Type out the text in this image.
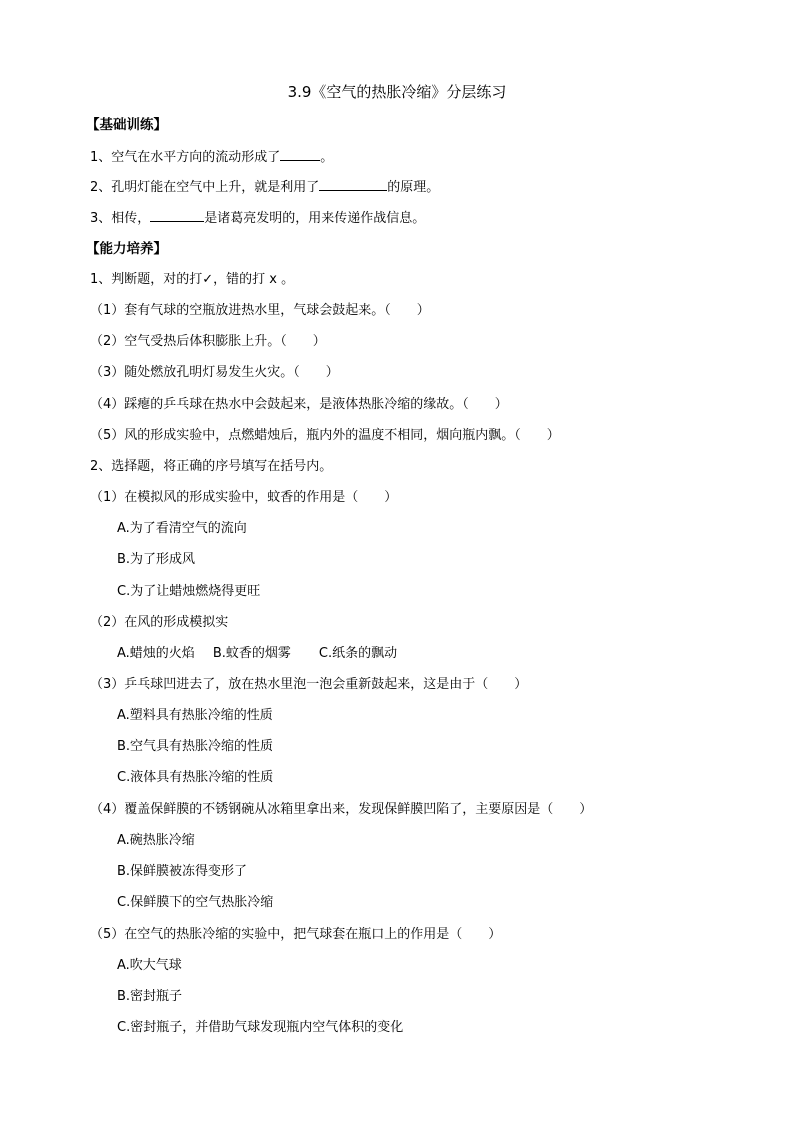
3.9《空气的热胀冷缩》分层练习
【基础训练】
1、空气在水平方向的流动形成了	。
2、孔明灯能在空气中上升，就是利用了	的原理。
3、相传，	是诸葛亮发明的，用来传递作战信息。
【能力培养】
1、判断题，对的打✓，错的打 x 。
（1）套有气球的空瓶放进热水里，气球会鼓起来。（　　）
（2）空气受热后体积膨胀上升。（　　）
（3）随处燃放孔明灯易发生火灾。（　　）
（4）踩瘪的乒乓球在热水中会鼓起来，是液体热胀冷缩的缘故。（　　）
（5）风的形成实验中，点燃蜡烛后，瓶内外的温度不相同，烟向瓶内飘。（　　）
2、选择题，将正确的序号填写在括号内。
（1）在模拟风的形成实验中，蚊香的作用是（　　）
A.为了看清空气的流向
B.为了形成风
C.为了让蜡烛燃烧得更旺
（2）在风的形成模拟实
A.蜡烛的火焰 B.蚊香的烟雾 C.纸条的飘动
（3）乒乓球凹进去了，放在热水里泡一泡会重新鼓起来，这是由于（　　）
A.塑料具有热胀冷缩的性质
B.空气具有热胀冷缩的性质
C.液体具有热胀冷缩的性质
（4）覆盖保鲜膜的不锈钢碗从冰箱里拿出来，发现保鲜膜凹陷了，主要原因是（　　）
A.碗热胀冷缩
B.保鲜膜被冻得变形了
C.保鲜膜下的空气热胀冷缩
（5）在空气的热胀冷缩的实验中，把气球套在瓶口上的作用是（　　）
A.吹大气球
B.密封瓶子
C.密封瓶子，并借助气球发现瓶内空气体积的变化
